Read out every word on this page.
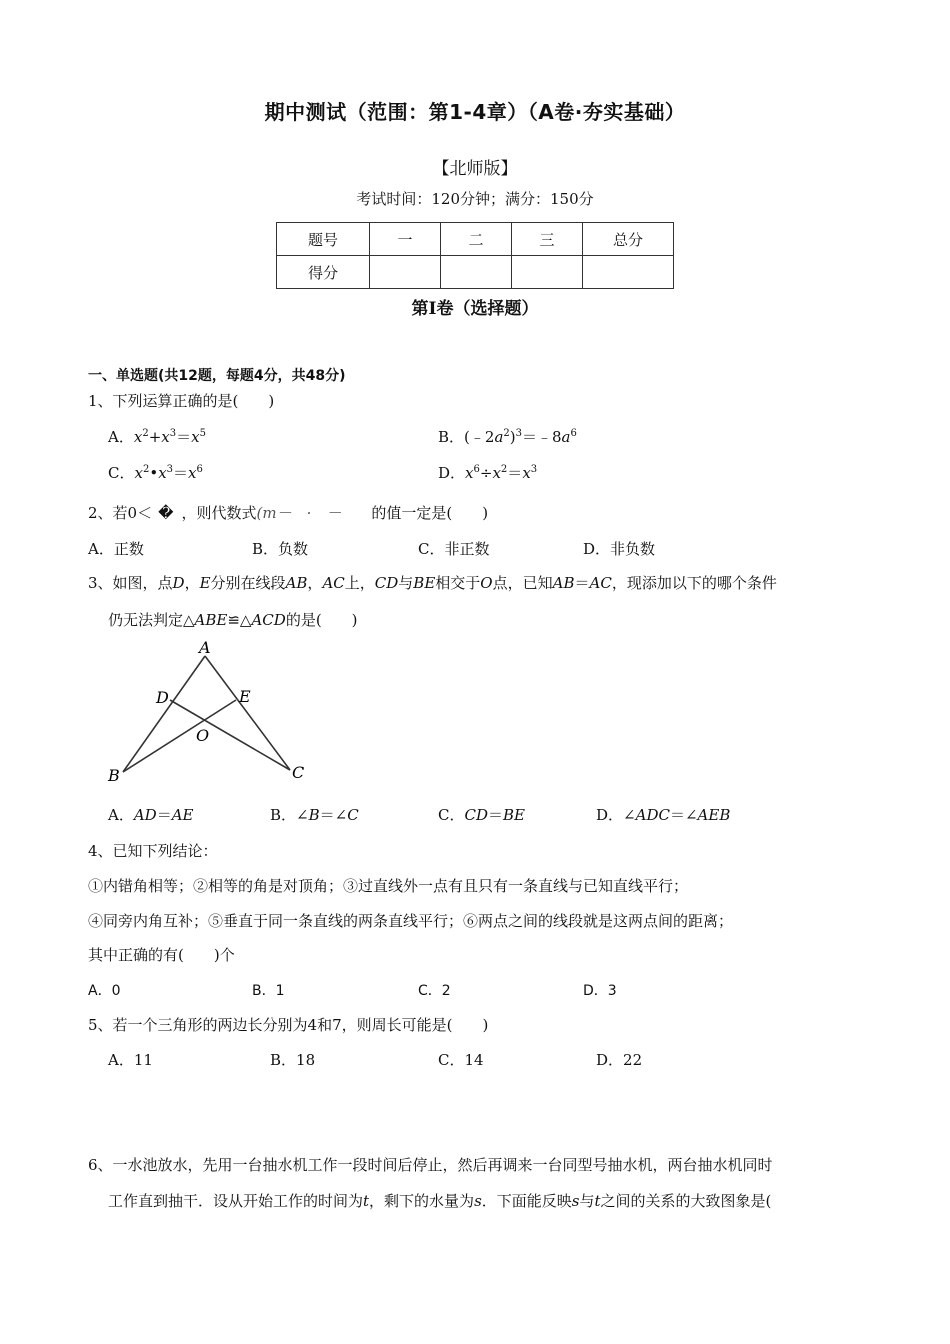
期中测试（范围：第1-4章）（A卷·夯实基础）
【北师版】
考试时间：120分钟；满分：150分
题号	一	二	三	总分
得分				
第Ⅰ卷（选择题）
一、单选题(共12题，每题4分，共48分)
1、下列运算正确的是(　　)
A．$x^2+x^3=x^5$	B．$(﹣2a^2)^3=﹣8a^6$
C．$x^2•x^3=x^6$	D．$x^6\div x^2=x^3$
2、若0＜ � ，则代数式(m－　·　－ 的值一定是(　　)
A．正数	B．负数	C．非正数	D．非负数
3、如图，点D，E分别在线段AB，AC上，CD与BE相交于O点，已知AB＝AC，现添加以下的哪个条件
仍无法判定△ABE≌△ACD的是(　　)
A
B	C
D	E
O
A．AD＝AE	B．∠B＝∠C	C．CD＝BE	D．∠ADC＝∠AEB
4、已知下列结论：
①内错角相等；②相等的角是对顶角；③过直线外一点有且只有一条直线与已知直线平行；
④同旁内角互补；⑤垂直于同一条直线的两条直线平行；⑥两点之间的线段就是这两点间的距离；
其中正确的有(　　)个
A．0	B．1	C．2	D．3
5、若一个三角形的两边长分别为4和7，则周长可能是(　　)
A．11	B．18	C．14	D．22
6、一水池放水，先用一台抽水机工作一段时间后停止，然后再调来一台同型号抽水机，两台抽水机同时
工作直到抽干．设从开始工作的时间为t，剩下的水量为s．下面能反映s与t之间的关系的大致图象是(
